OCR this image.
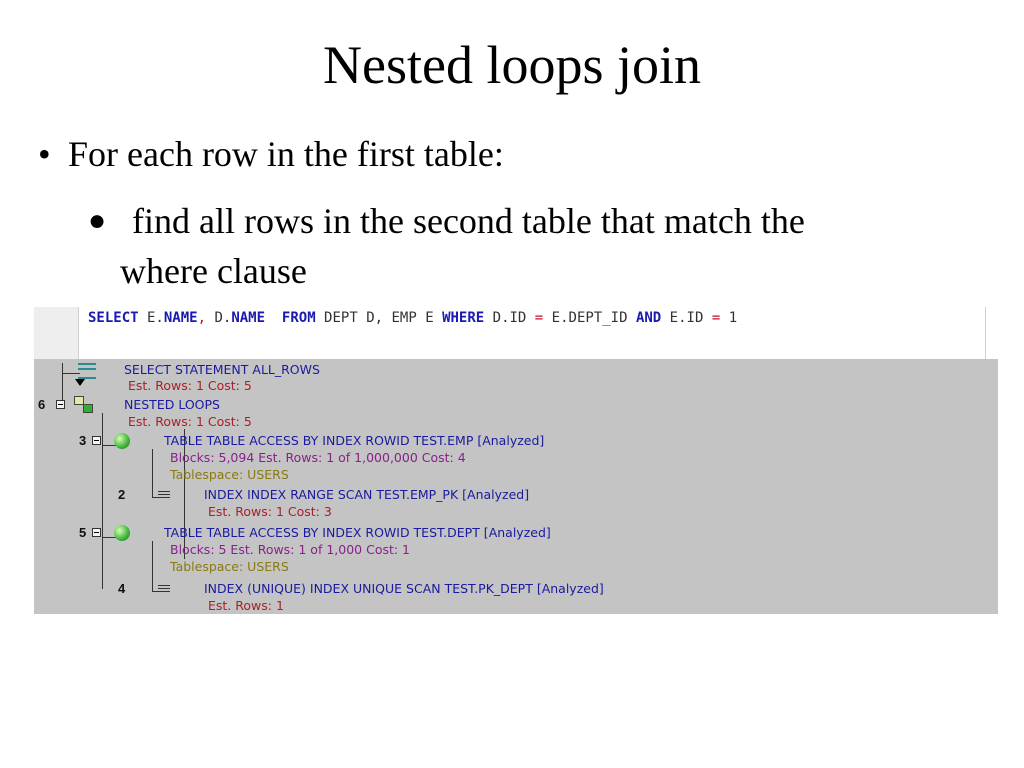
Nested loops join
• For each row in the first table:
● find all rows in the second table that match the
where clause
SELECT E.NAME, D.NAME FROM DEPT D, EMP E WHERE D.ID = E.DEPT_ID AND E.ID = 1
SELECT STATEMENT ALL_ROWS
Est. Rows: 1 Cost: 5
6	NESTED LOOPS
Est. Rows: 1 Cost: 5
3	TABLE TABLE ACCESS BY INDEX ROWID TEST.EMP [Analyzed]
Blocks: 5,094 Est. Rows: 1 of 1,000,000 Cost: 4
Tablespace: USERS
2	INDEX INDEX RANGE SCAN TEST.EMP_PK [Analyzed]
Est. Rows: 1 Cost: 3
5	TABLE TABLE ACCESS BY INDEX ROWID TEST.DEPT [Analyzed]
Blocks: 5 Est. Rows: 1 of 1,000 Cost: 1
Tablespace: USERS
4	INDEX (UNIQUE) INDEX UNIQUE SCAN TEST.PK_DEPT [Analyzed]
Est. Rows: 1
